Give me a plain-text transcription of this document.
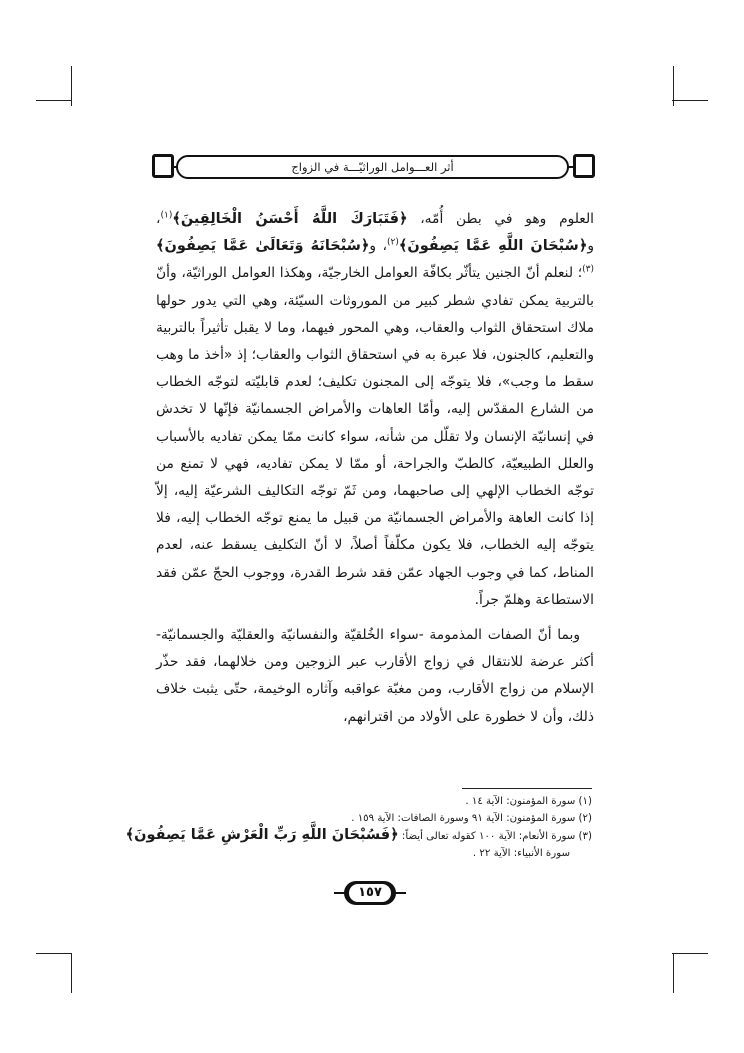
أثر العـــوامل الوراثيّـــة في الزواج

العلوم وهو في بطن أُمّه، ﴿فَتَبَارَكَ اللَّهُ أَحْسَنُ الْخَالِقِينَ﴾$^{(١)}$، و﴿سُبْحَانَ اللَّهِ عَمَّا يَصِفُونَ﴾$^{(٢)}$، و﴿سُبْحَانَهُ وَتَعَالَىٰ عَمَّا يَصِفُونَ﴾$^{(٣)}$؛ لنعلم أنّ الجنين يتأثّر بكافّة العوامل الخارجيّة، وهكذا العوامل الوراثيّة، وأنّ بالتربية يمكن تفادي شطر كبير من الموروثات السيّئة، وهي التي يدور حولها ملاك استحقاق الثواب والعقاب، وهي المحور فيهما، وما لا يقبل تأثيراً بالتربية والتعليم، كالجنون، فلا عبرة به في استحقاق الثواب والعقاب؛ إذ «أخذ ما وهب سقط ما وجب»، فلا يتوجّه إلى المجنون تكليف؛ لعدم قابليّته لتوجّه الخطاب من الشارع المقدّس إليه، وأمّا العاهات والأمراض الجسمانيّة فإنّها لا تخدش في إنسانيّة الإنسان ولا تقلّل من شأنه، سواء كانت ممّا يمكن تفاديه بالأسباب والعلل الطبيعيّة، كالطبّ والجراحة، أو ممّا لا يمكن تفاديه، فهي لا تمنع من توجّه الخطاب الإلهي إلى صاحبهما، ومن ثَمّ توجّه التكاليف الشرعيّة إليه، إلاّ إذا كانت العاهة والأمراض الجسمانيّة من قبيل ما يمنع توجّه الخطاب إليه، فلا يتوجّه إليه الخطاب، فلا يكون مكلّفاً أصلاً، لا أنّ التكليف يسقط عنه، لعدم المناط، كما في وجوب الجهاد عمّن فقد شرط القدرة، ووجوب الحجّ عمّن فقد الاستطاعة وهلمّ جراً.

وبما أنّ الصفات المذمومة -سواء الخُلقيّة والنفسانيّة والعقليّة والجسمانيّة- أكثر عرضة للانتقال في زواج الأقارب عبر الزوجين ومن خلالهما، فقد حذّر الإسلام من زواج الأقارب، ومن مغبّة عواقبه وآثاره الوخيمة، حتّى يثبت خلاف ذلك، وأن لا خطورة على الأولاد من اقترانهم،

(١) سورة المؤمنون: الآية ١٤ .
(٢) سورة المؤمنون: الآية ٩١ وسورة الصافات: الآية ١٥٩ .
(٣) سورة الأنعام: الآية ١٠٠ كقوله تعالى أيضاً: ﴿فَسُبْحَانَ اللَّهِ رَبِّ الْعَرْشِ عَمَّا يَصِفُونَ﴾
سورة الأنبياء: الآية ٢٢ .
١٥٧
